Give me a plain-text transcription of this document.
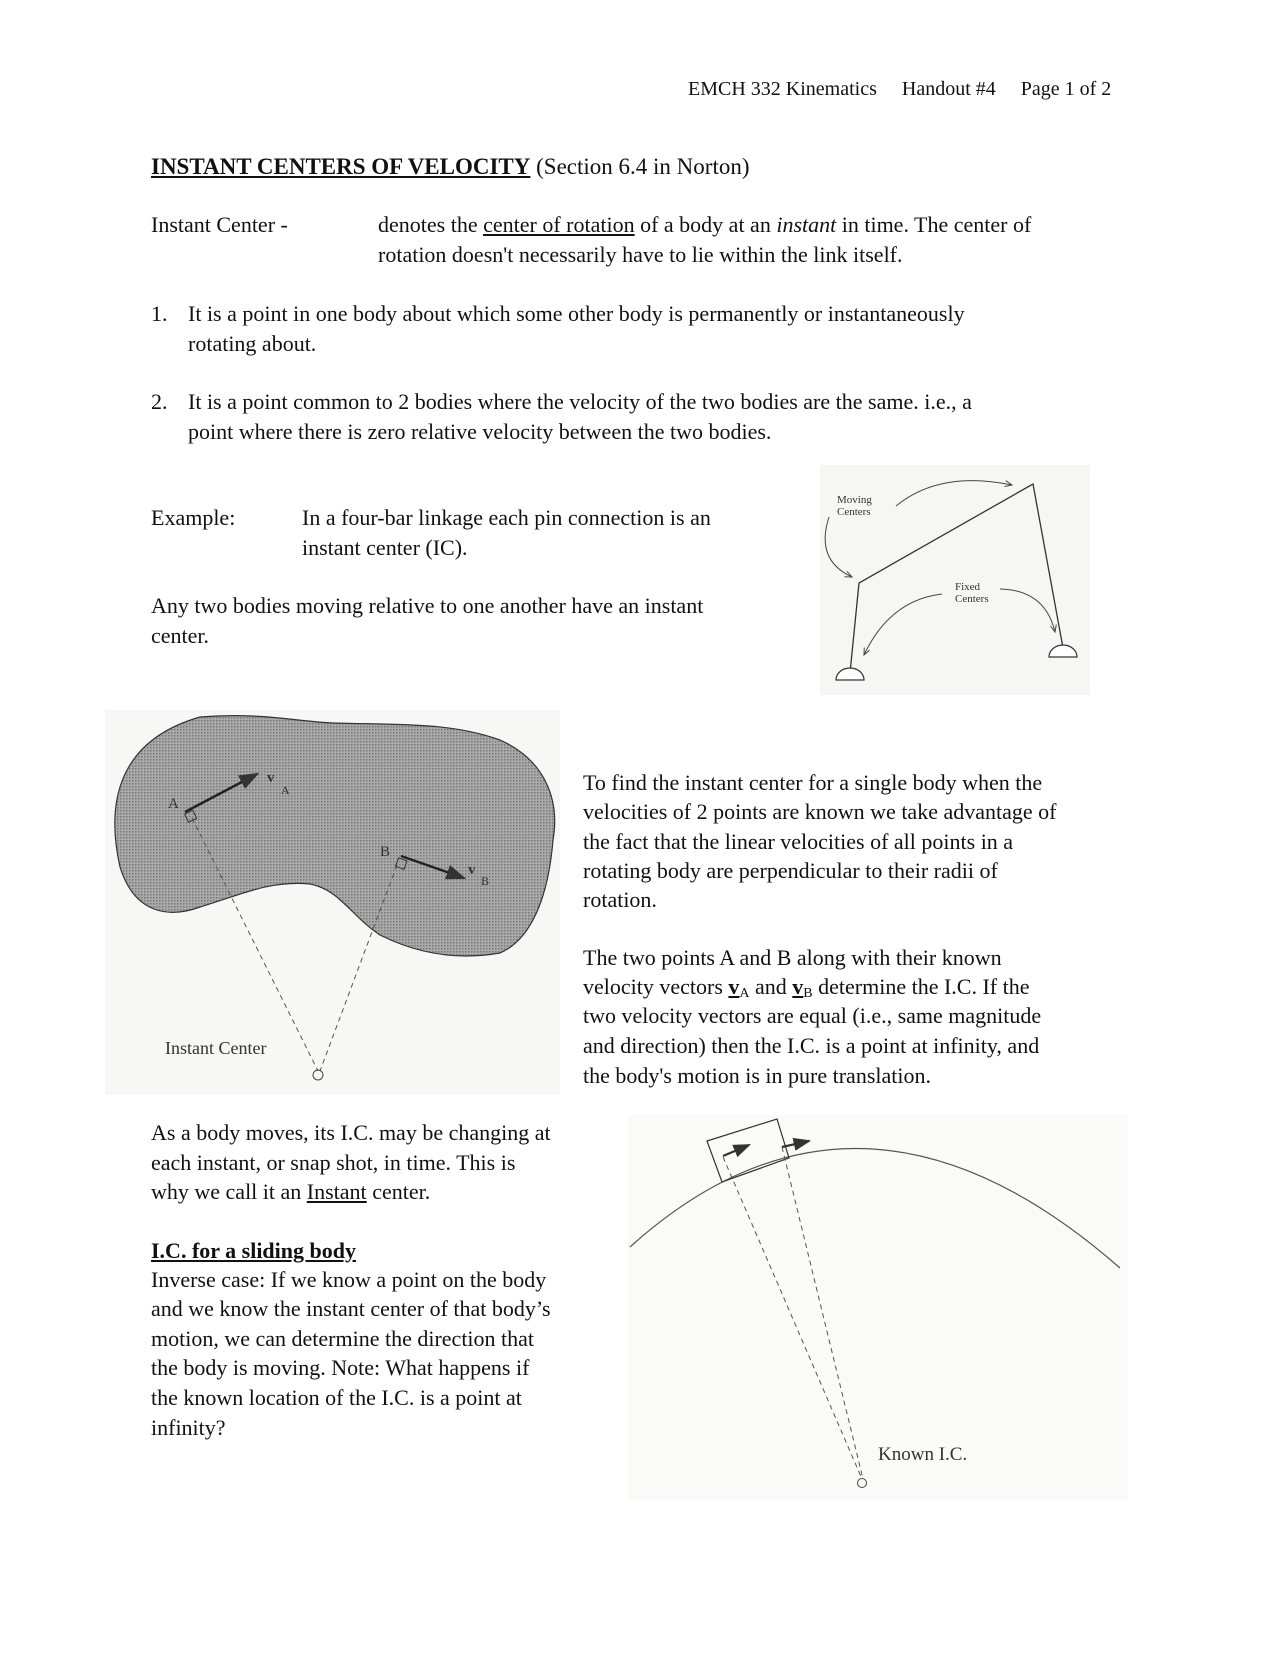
EMCH 332 Kinematics Handout #4 Page 1 of 2
INSTANT CENTERS OF VELOCITY (Section 6.4 in Norton)
Instant Center -	denotes the center of rotation of a body at an instant in time. The center of
rotation doesn't necessarily have to lie within the link itself.
1. It is a point in one body about which some other body is permanently or instantaneously
rotating about.
2. It is a point common to 2 bodies where the velocity of the two bodies are the same. i.e., a
point where there is zero relative velocity between the two bodies.
Example:	In a four-bar linkage each pin connection is an
instant center (IC).
Any two bodies moving relative to one another have an instant
center.
To find the instant center for a single body when the
velocities of 2 points are known we take advantage of
the fact that the linear velocities of all points in a
rotating body are perpendicular to their radii of
rotation.
The two points A and B along with their known
velocity vectors $v_A$ and $v_B$ determine the I.C. If the
two velocity vectors are equal (i.e., same magnitude
and direction) then the I.C. is a point at infinity, and
the body's motion is in pure translation.
As a body moves, its I.C. may be changing at
each instant, or snap shot, in time. This is
why we call it an Instant center.
I.C. for a sliding body
Inverse case: If we know a point on the body
and we know the instant center of that body’s
motion, we can determine the direction that
the body is moving. Note: What happens if
the known location of the I.C. is a point at
infinity?
Moving
Centers
Fixed
Centers
A
B
v
A
v
B
Instant Center
Known I.C.
